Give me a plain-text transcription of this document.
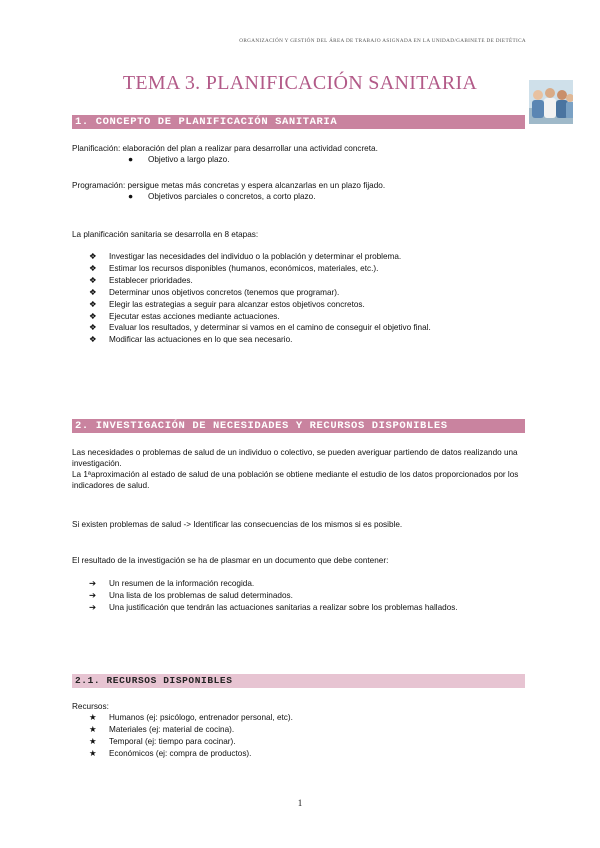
ORGANIZACIÓN Y GESTIÓN DEL ÁREA DE TRABAJO ASIGNADA EN LA UNIDAD/GABINETE DE DIETÉTICA
TEMA 3. PLANIFICACIÓN SANITARIA
1. CONCEPTO DE PLANIFICACIÓN SANITARIA
Planificación: elaboración del plan a realizar para desarrollar una actividad concreta.
● Objetivo a largo plazo.
Programación: persigue metas más concretas y espera alcanzarlas en un plazo fijado.
● Objetivos parciales o concretos, a corto plazo.
La planificación sanitaria se desarrolla en 8 etapas:
❖ Investigar las necesidades del individuo o la población y determinar el problema.
❖ Estimar los recursos disponibles (humanos, económicos, materiales, etc.).
❖ Establecer prioridades.
❖ Determinar unos objetivos concretos (tenemos que programar).
❖ Elegir las estrategias a seguir para alcanzar estos objetivos concretos.
❖ Ejecutar estas acciones mediante actuaciones.
❖ Evaluar los resultados, y determinar si vamos en el camino de conseguir el objetivo final.
❖ Modificar las actuaciones en lo que sea necesario.
2. INVESTIGACIÓN DE NECESIDADES Y RECURSOS DISPONIBLES
Las necesidades o problemas de salud de un individuo o colectivo, se pueden averiguar partiendo de datos realizando una investigación.
La 1ªaproximación al estado de salud de una población se obtiene mediante el estudio de los datos proporcionados por los indicadores de salud.
Si existen problemas de salud -> Identificar las consecuencias de los mismos si es posible.
El resultado de la investigación se ha de plasmar en un documento que debe contener:
➔ Un resumen de la información recogida.
➔ Una lista de los problemas de salud determinados.
➔ Una justificación que tendrán las actuaciones sanitarias a realizar sobre los problemas hallados.
2.1. RECURSOS DISPONIBLES
Recursos:
★ Humanos (ej: psicólogo, entrenador personal, etc).
★ Materiales (ej: material de cocina).
★ Temporal (ej: tiempo para cocinar).
★ Económicos (ej: compra de productos).
1
